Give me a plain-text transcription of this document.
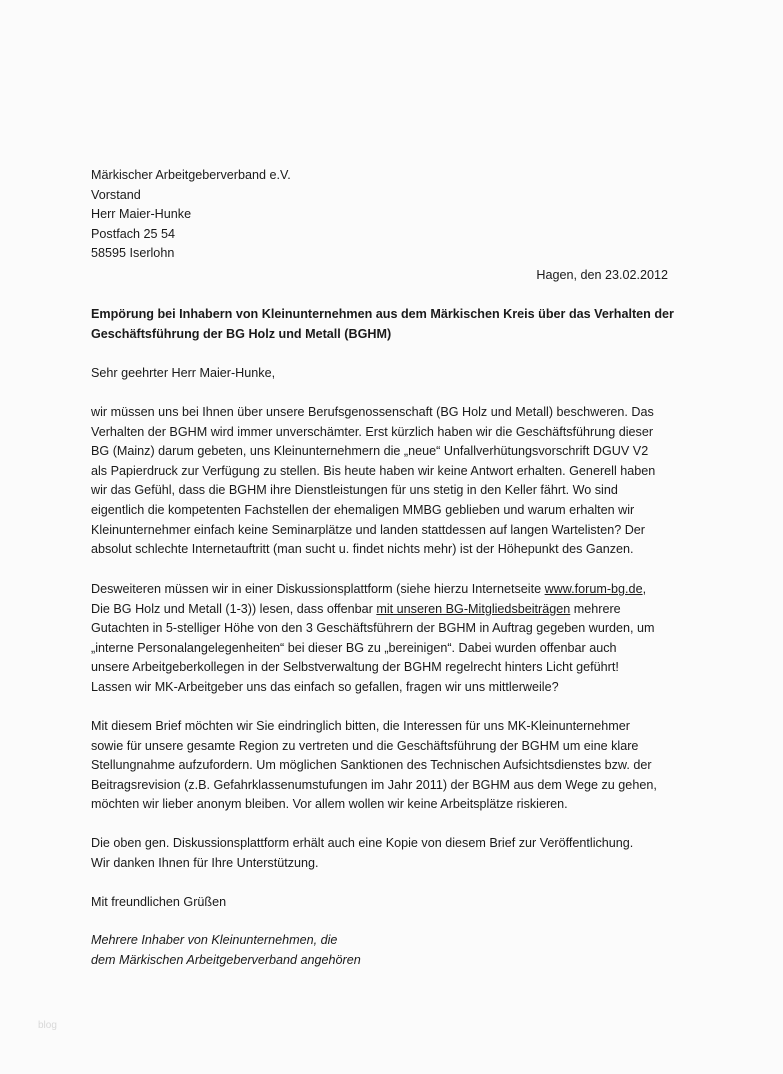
Märkischer Arbeitgeberverband e.V.
Vorstand
Herr Maier-Hunke
Postfach 25 54
58595 Iserlohn
Hagen, den 23.02.2012
Empörung bei Inhabern von Kleinunternehmen aus dem Märkischen Kreis über das Verhalten der
Geschäftsführung der BG Holz und Metall (BGHM)
Sehr geehrter Herr Maier-Hunke,
wir müssen uns bei Ihnen über unsere Berufsgenossenschaft (BG Holz und Metall) beschweren. Das
Verhalten der BGHM wird immer unverschämter. Erst kürzlich haben wir die Geschäftsführung dieser
BG (Mainz) darum gebeten, uns Kleinunternehmern die „neue“ Unfallverhütungsvorschrift DGUV V2
als Papierdruck zur Verfügung zu stellen. Bis heute haben wir keine Antwort erhalten. Generell haben
wir das Gefühl, dass die BGHM ihre Dienstleistungen für uns stetig in den Keller fährt. Wo sind
eigentlich die kompetenten Fachstellen der ehemaligen MMBG geblieben und warum erhalten wir
Kleinunternehmer einfach keine Seminarplätze und landen stattdessen auf langen Wartelisten? Der
absolut schlechte Internetauftritt (man sucht u. findet nichts mehr) ist der Höhepunkt des Ganzen.
Desweiteren müssen wir in einer Diskussionsplattform (siehe hierzu Internetseite www.forum-bg.de,
Die BG Holz und Metall (1-3)) lesen, dass offenbar mit unseren BG-Mitgliedsbeiträgen mehrere
Gutachten in 5-stelliger Höhe von den 3 Geschäftsführern der BGHM in Auftrag gegeben wurden, um
„interne Personalangelegenheiten“ bei dieser BG zu „bereinigen“. Dabei wurden offenbar auch
unsere Arbeitgeberkollegen in der Selbstverwaltung der BGHM regelrecht hinters Licht geführt!
Lassen wir MK-Arbeitgeber uns das einfach so gefallen, fragen wir uns mittlerweile?
Mit diesem Brief möchten wir Sie eindringlich bitten, die Interessen für uns MK-Kleinunternehmer
sowie für unsere gesamte Region zu vertreten und die Geschäftsführung der BGHM um eine klare
Stellungnahme aufzufordern. Um möglichen Sanktionen des Technischen Aufsichtsdienstes bzw. der
Beitragsrevision (z.B. Gefahrklassenumstufungen im Jahr 2011) der BGHM aus dem Wege zu gehen,
möchten wir lieber anonym bleiben. Vor allem wollen wir keine Arbeitsplätze riskieren.
Die oben gen. Diskussionsplattform erhält auch eine Kopie von diesem Brief zur Veröffentlichung.
Wir danken Ihnen für Ihre Unterstützung.
Mit freundlichen Grüßen
Mehrere Inhaber von Kleinunternehmen, die
dem Märkischen Arbeitgeberverband angehören
blog
